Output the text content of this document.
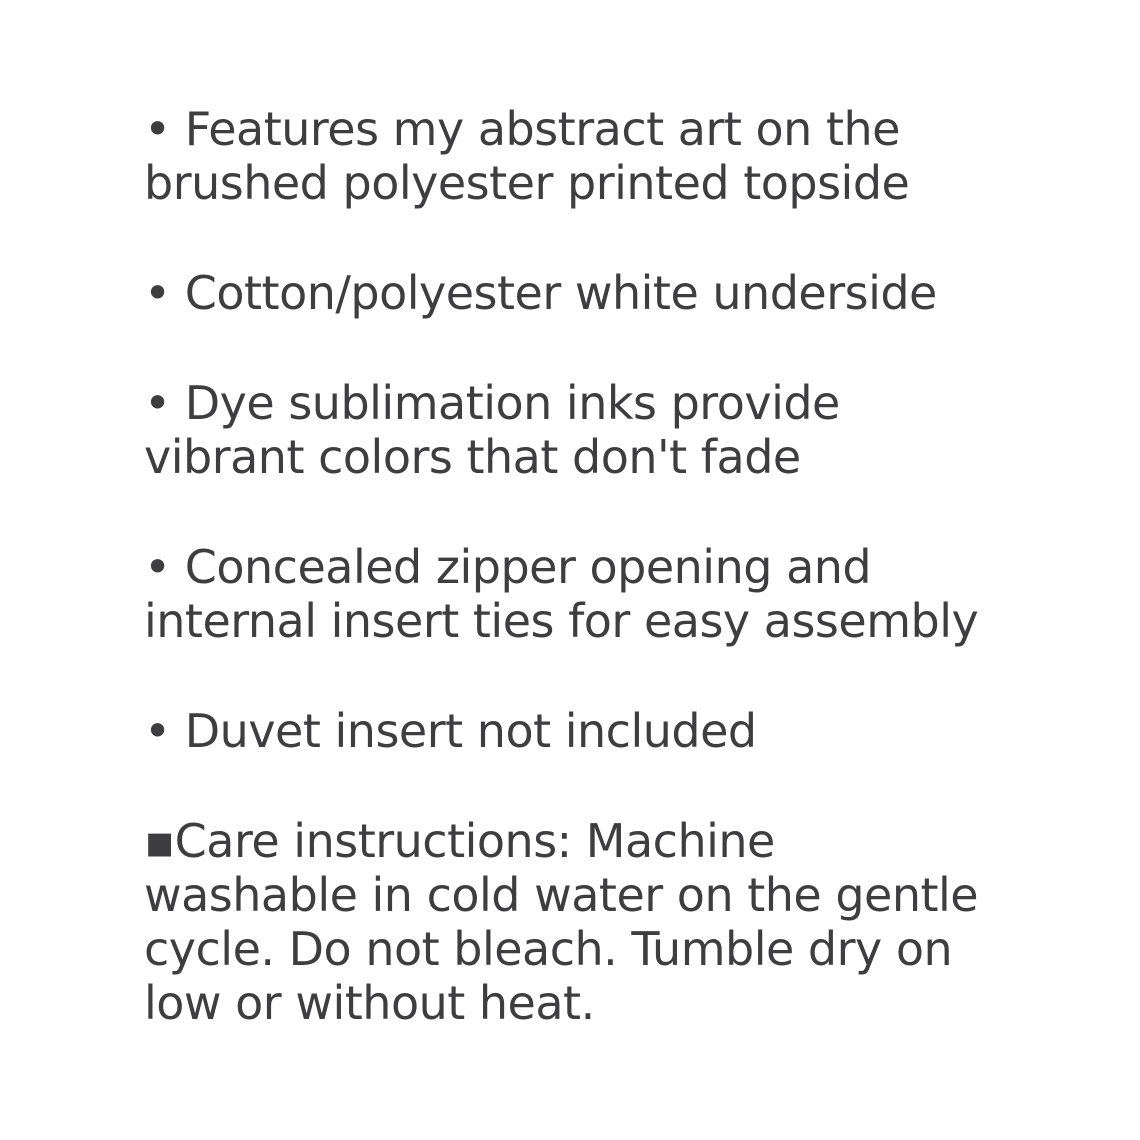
• Features my abstract art on the
brushed polyester printed topside

• Cotton/polyester white underside

• Dye sublimation inks provide
vibrant colors that don't fade

• Concealed zipper opening and
internal insert ties for easy assembly

• Duvet insert not included

▪Care instructions: Machine
washable in cold water on the gentle
cycle. Do not bleach. Tumble dry on
low or without heat.
